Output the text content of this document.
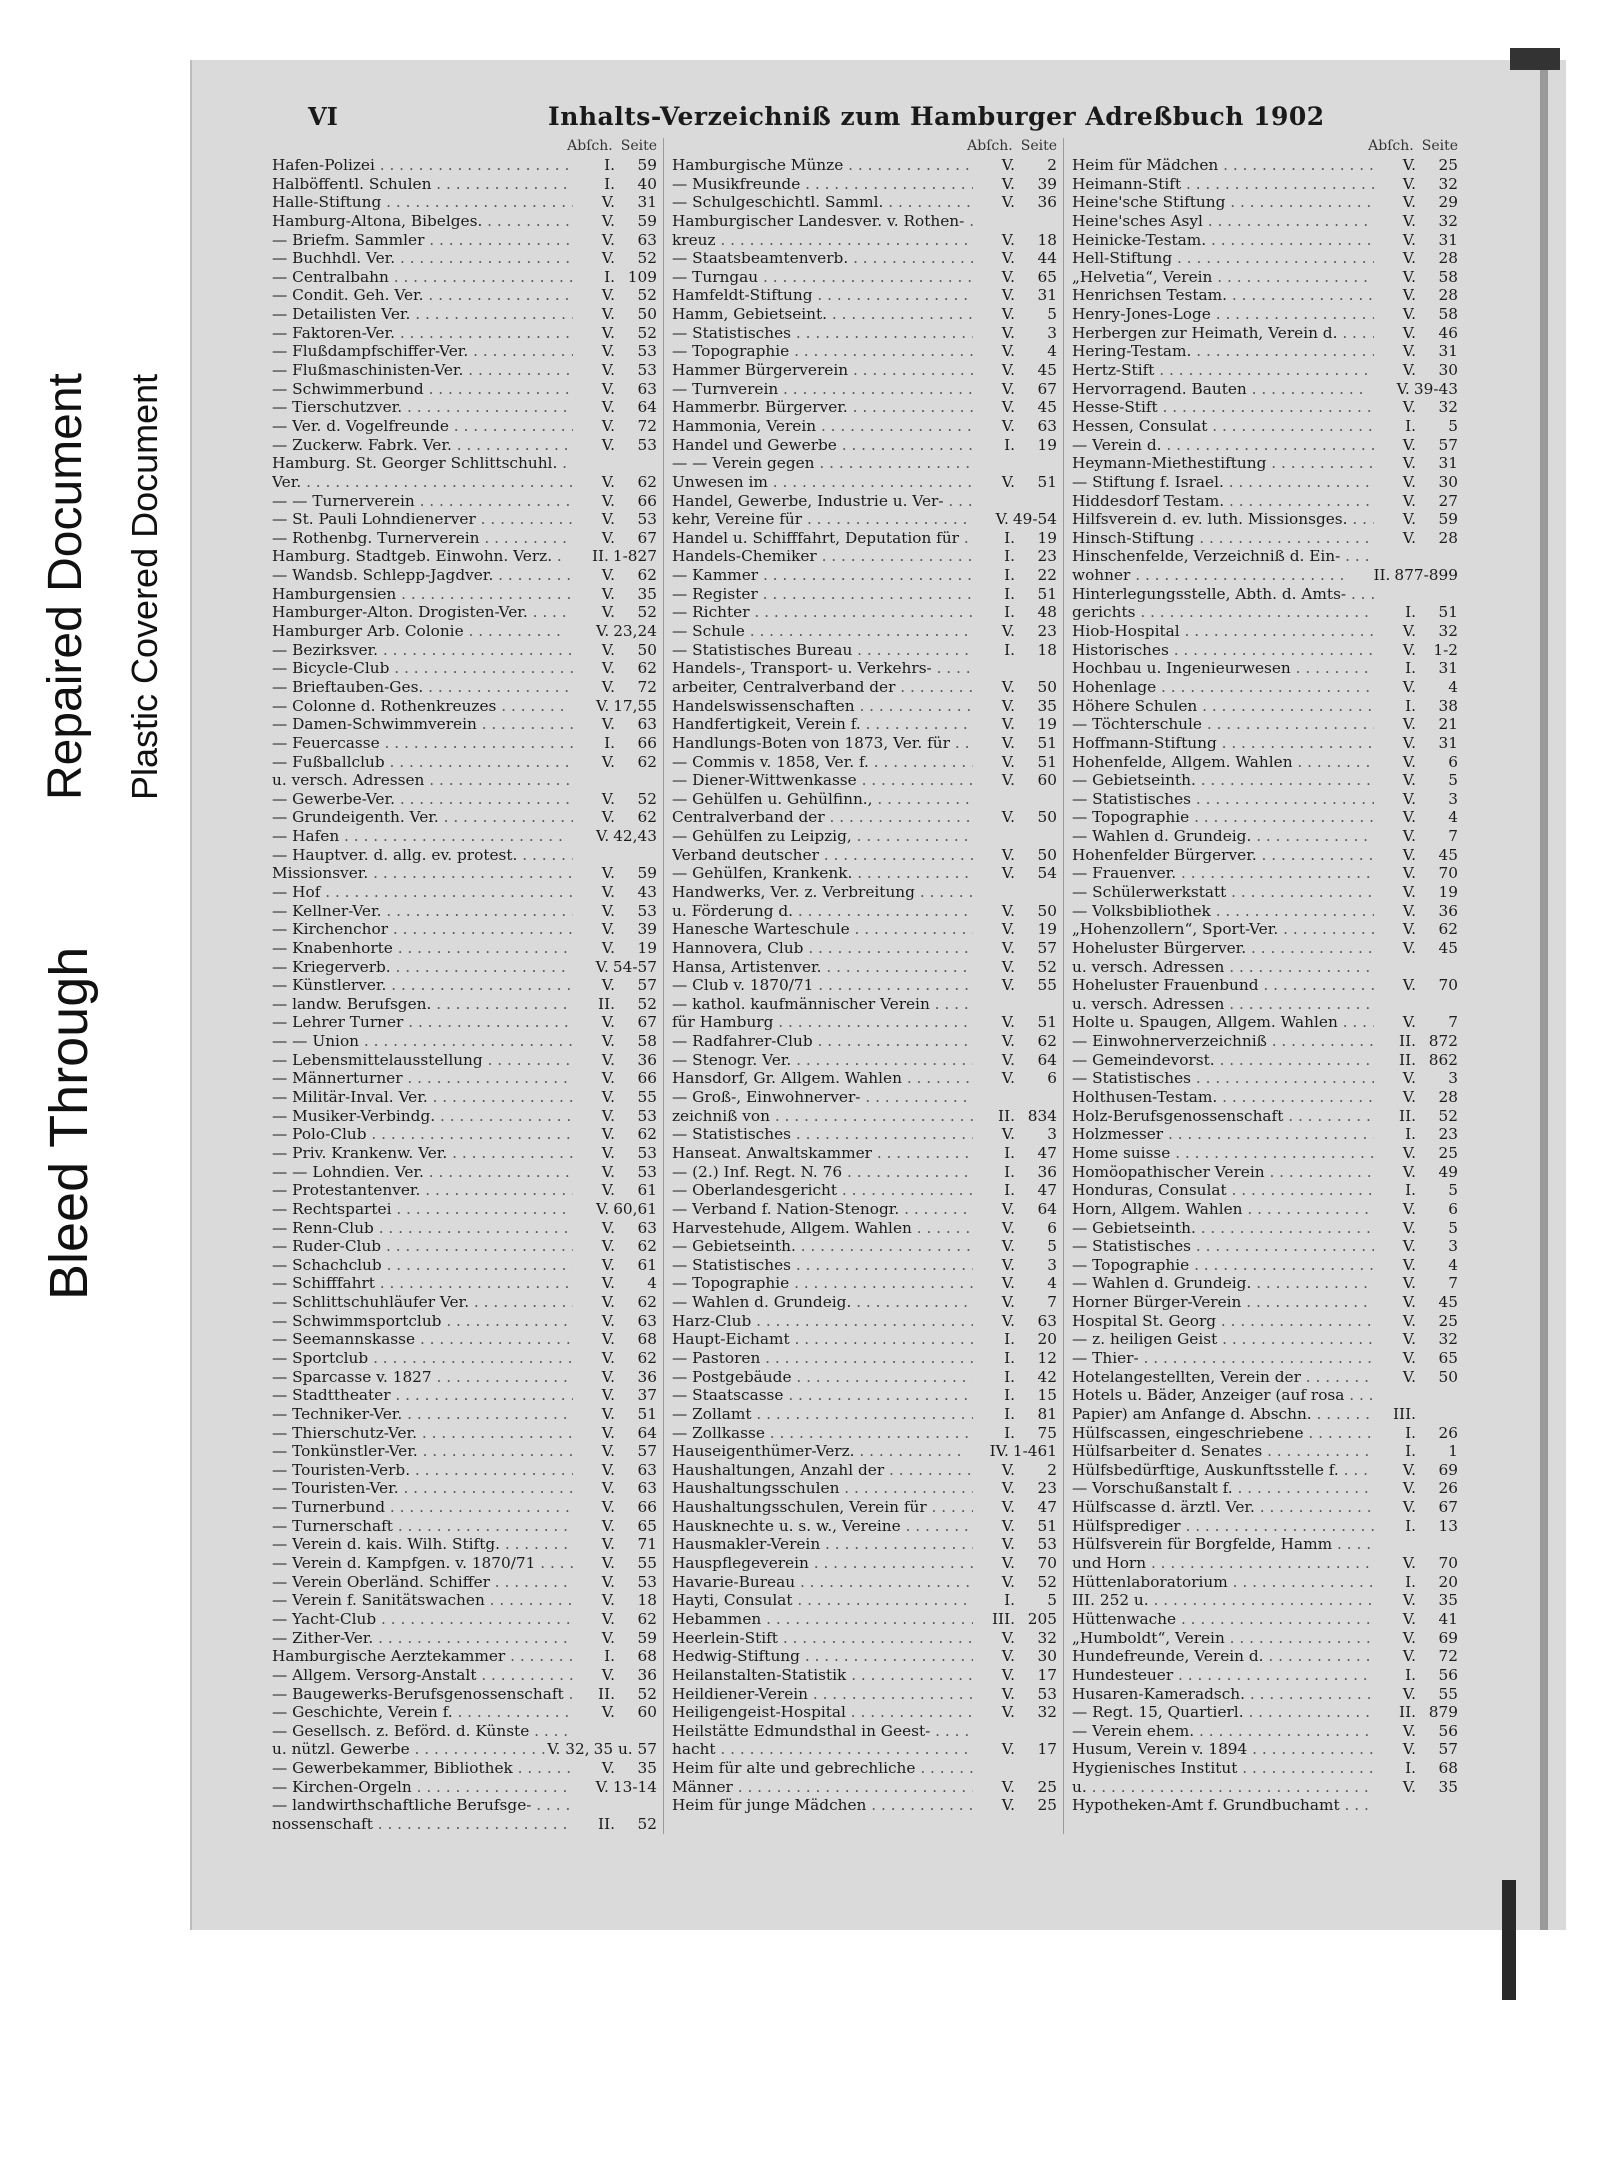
Bleed Through
Repaired Document Plastic Covered Document
VI	Inhalts-Verzeichniß zum Hamburger Adreßbuch 1902
Abſch. Seite
Hafen-Polizei . . .	I.	59
Halböffentl. Schulen . . .	I.	40
Halle-Stiftung . . .	V.	31
Hamburg-Altona, Bibelges. . . .	V.	59
— Briefm. Sammler . . .	V.	63
— Buchhdl. Ver. . . .	V.	52
— Centralbahn . . .	I. 109
— Condit. Geh. Ver. . . .	V.	52
— Detailisten Ver. . . .	V.	50
— Faktoren-Ver. . . .	V.	52
— Flußdampfschiffer-Ver. . . .	V.	53
— Flußmaschinisten-Ver. . . .	V.	53
— Schwimmerbund . . .	V.	63
— Tierschutzver. . . .	V.	64
— Ver. d. Vogelfreunde . . .	V.	72
— Zuckerw. Fabrk. Ver. . . .	V.	53
Hamburg. St. Georger Schlittschuhl. . . .
Ver. . . .	V.	62
— — Turnerverein . . .	V.	66
— St. Pauli Lohndienerver . . .	V.	53
— Rothenbg. Turnerverein . . .	V.	67
Hamburg. Stadtgeb. Einwohn. Verz. . . .	II. 1-827
— Wandsb. Schlepp-Jagdver. . . .	V.	62
Hamburgensien . . .	V.	35
Hamburger-Alton. Drogisten-Ver. . . .	V.	52
Hamburger Arb. Colonie . . .	V. 23,24
— Bezirksver. . . .	V.	50
— Bicycle-Club . . .	V.	62
— Brieftauben-Ges. . . .	V.	72
— Colonne d. Rothenkreuzes . . .	V. 17,55
— Damen-Schwimmverein . . .	V.	63
— Feuercasse . . .	I.	66
— Fußballclub . . .	V.	62
u. versch. Adressen . . .
— Gewerbe-Ver. . . .	V.	52
— Grundeigenth. Ver. . . .	V.	62
— Hafen . . .	V. 42,43
— Hauptver. d. allg. ev. protest. . . .
Missionsver. . . .	V.	59
— Hof . . .	V.	43
— Kellner-Ver. . . .	V.	53
— Kirchenchor . . .	V.	39
— Knabenhorte . . .	V.	19
— Kriegerverb. . . .	V. 54-57
— Künstlerver. . . .	V.	57
— landw. Berufsgen. . . .	II.	52
— Lehrer Turner . . .	V.	67
— — Union . . .	V.	58
— Lebensmittelausstellung . . .	V.	36
— Männerturner . . .	V.	66
— Militär-Inval. Ver. . . .	V.	55
— Musiker-Verbindg. . . .	V.	53
— Polo-Club . . .	V.	62
— Priv. Krankenw. Ver. . . .	V.	53
— — Lohndien. Ver. . . .	V.	53
— Protestantenver. . . .	V.	61
— Rechtspartei . . .	V. 60,61
— Renn-Club . . .	V.	63
— Ruder-Club . . .	V.	62
— Schachclub . . .	V.	61
— Schifffahrt . . .	V.	4
— Schlittschuhläufer Ver. . . .	V.	62
— Schwimmsportclub . . .	V.	63
— Seemannskasse . . .	V.	68
— Sportclub . . .	V.	62
— Sparcasse v. 1827 . . .	V.	36
— Stadttheater . . .	V.	37
— Techniker-Ver. . . .	V.	51
— Thierschutz-Ver. . . .	V.	64
— Tonkünstler-Ver. . . .	V.	57
— Touristen-Verb. . . .	V.	63
— Touristen-Ver. . . .	V.	63
— Turnerbund . . .	V.	66
— Turnerschaft . . .	V.	65
— Verein d. kais. Wilh. Stiftg. . . .	V.	71
— Verein d. Kampfgen. v. 1870/71 . . .	V.	55
— Verein Oberländ. Schiffer . . .	V.	53
— Verein f. Sanitätswachen . . .	V.	18
— Yacht-Club . . .	V.	62
— Zither-Ver. . . .	V.	59
Hamburgische Aerztekammer . . .	I.	68
— Allgem. Versorg-Anstalt . . .	V.	36
— Baugewerks-Berufsgenossenschaft . . .	II.	52
— Geschichte, Verein f. . . .	V.	60
— Gesellsch. z. Beförd. d. Künste . . .
u. nützl. Gewerbe . . .	V. 32, 35 u. 57
— Gewerbekammer, Bibliothek . . .	V.	35
— Kirchen-Orgeln . . .	V. 13-14
— landwirthschaftliche Berufsge- . . .
nossenschaft . . .	II.	52
Abſch. Seite
Hamburgische Münze . . .	V.	2
— Musikfreunde . . .	V.	39
— Schulgeschichtl. Samml. . . .	V.	36
Hamburgischer Landesver. v. Rothen- . . .
kreuz . . .	V.	18
— Staatsbeamtenverb. . . .	V.	44
— Turngau . . .	V.	65
Hamfeldt-Stiftung . . .	V.	31
Hamm, Gebietseint. . . .	V.	5
— Statistisches . . .	V.	3
— Topographie . . .	V.	4
Hammer Bürgerverein . . .	V.	45
— Turnverein . . .	V.	67
Hammerbr. Bürgerver. . . .	V.	45
Hammonia, Verein . . .	V.	63
Handel und Gewerbe . . .	I.	19
— — Verein gegen . . .
Unwesen im . . .	V.	51
Handel, Gewerbe, Industrie u. Ver- . . .
kehr, Vereine für . . .	V. 49-54
Handel u. Schifffahrt, Deputation für . . .	I.	19
Handels-Chemiker . . .	I.	23
— Kammer . . .	I.	22
— Register . . .	I.	51
— Richter . . .	I.	48
— Schule . . .	V.	23
— Statistisches Bureau . . .	I.	18
Handels-, Transport- u. Verkehrs- . . .
arbeiter, Centralverband der . . .	V.	50
Handelswissenschaften . . .	V.	35
Handfertigkeit, Verein f. . . .	V.	19
Handlungs-Boten von 1873, Ver. für . . .	V.	51
— Commis v. 1858, Ver. f. . . .	V.	51
— Diener-Wittwenkasse . . .	V.	60
— Gehülfen u. Gehülfinn., . . .
Centralverband der . . .	V.	50
— Gehülfen zu Leipzig, . . .
Verband deutscher . . .	V.	50
— Gehülfen, Krankenk. . . .	V.	54
Handwerks, Ver. z. Verbreitung . . .
u. Förderung d. . . .	V.	50
Hanesche Warteschule . . .	V.	19
Hannovera, Club . . .	V.	57
Hansa, Artistenver. . . .	V.	52
— Club v. 1870/71 . . .	V.	55
— kathol. kaufmännischer Verein . . .
für Hamburg . . .	V.	51
— Radfahrer-Club . . .	V.	62
— Stenogr. Ver. . . .	V.	64
Hansdorf, Gr. Allgem. Wahlen . . .	V.	6
— Groß-, Einwohnerver- . . .
zeichniß von . . .	II. 834
— Statistisches . . .	V.	3
Hanseat. Anwaltskammer . . .	I.	47
— (2.) Inf. Regt. N. 76 . . .	I.	36
— Oberlandesgericht . . .	I.	47
— Verband f. Nation-Stenogr. . . .	V.	64
Harvestehude, Allgem. Wahlen . . .	V.	6
— Gebietseinth. . . .	V.	5
— Statistisches . . .	V.	3
— Topographie . . .	V.	4
— Wahlen d. Grundeig. . . .	V.	7
Harz-Club . . .	V.	63
Haupt-Eichamt . . .	I.	20
— Pastoren . . .	I.	12
— Postgebäude . . .	I.	42
— Staatscasse . . .	I.	15
— Zollamt . . .	I.	81
— Zollkasse . . .	I.	75
Hauseigenthümer-Verz. . . .	IV. 1-461
Haushaltungen, Anzahl der . . .	V.	2
Haushaltungsschulen . . .	V.	23
Haushaltungsschulen, Verein für . . .	V.	47
Hausknechte u. s. w., Vereine . . .	V.	51
Hausmakler-Verein . . .	V.	53
Hauspflegeverein . . .	V.	70
Havarie-Bureau . . .	V.	52
Hayti, Consulat . . .	I.	5
Hebammen . . .	III. 205
Heerlein-Stift . . .	V.	32
Hedwig-Stiftung . . .	V.	30
Heilanstalten-Statistik . . .	V.	17
Heildiener-Verein . . .	V.	53
Heiligengeist-Hospital . . .	V.	32
Heilstätte Edmundsthal in Geest- . . .
hacht . . .	V.	17
Heim für alte und gebrechliche . . .
Männer . . .	V.	25
Heim für junge Mädchen . . .	V.	25
Abſch. Seite
Heim für Mädchen . . .	V.	25
Heimann-Stift . . .	V.	32
Heine'sche Stiftung . . .	V.	29
Heine'sches Asyl . . .	V.	32
Heinicke-Testam. . . .	V.	31
Hell-Stiftung . . .	V.	28
„Helvetia“, Verein . . .	V.	58
Henrichsen Testam. . . .	V.	28
Henry-Jones-Loge . . .	V.	58
Herbergen zur Heimath, Verein d. . . .	V.	46
Hering-Testam. . . .	V.	31
Hertz-Stift . . .	V.	30
Hervorragend. Bauten . . .	V. 39-43
Hesse-Stift . . .	V.	32
Hessen, Consulat . . .	I.	5
— Verein d. . . .	V.	57
Heymann-Miethestiftung . . .	V.	31
— Stiftung f. Israel. . . .	V.	30
Hiddesdorf Testam. . . .	V.	27
Hilfsverein d. ev. luth. Missionsges. . . .	V.	59
Hinsch-Stiftung . . .	V.	28
Hinschenfelde, Verzeichniß d. Ein- . . .
wohner . . .	II. 877-899
Hinterlegungsstelle, Abth. d. Amts- . . .
gerichts . . .	I.	51
Hiob-Hospital . . .	V.	32
Historisches . . .	V.	1-2
Hochbau u. Ingenieurwesen . . .	I.	31
Hohenlage . . .	V.	4
Höhere Schulen . . .	I.	38
— Töchterschule . . .	V.	21
Hoffmann-Stiftung . . .	V.	31
Hohenfelde, Allgem. Wahlen . . .	V.	6
— Gebietseinth. . . .	V.	5
— Statistisches . . .	V.	3
— Topographie . . .	V.	4
— Wahlen d. Grundeig. . . .	V.	7
Hohenfelder Bürgerver. . . .	V.	45
— Frauenver. . . .	V.	70
— Schülerwerkstatt . . .	V.	19
— Volksbibliothek . . .	V.	36
„Hohenzollern“, Sport-Ver. . . .	V.	62
Hoheluster Bürgerver. . . .	V.	45
u. versch. Adressen . . .
Hoheluster Frauenbund . . .	V.	70
u. versch. Adressen . . .
Holte u. Spaugen, Allgem. Wahlen . . .	V.	7
— Einwohnerverzeichniß . . .	II. 872
— Gemeindevorst. . . .	II. 862
— Statistisches . . .	V.	3
Holthusen-Testam. . . .	V.	28
Holz-Berufsgenossenschaft . . .	II.	52
Holzmesser . . .	I.	23
Home suisse . . .	V.	25
Homöopathischer Verein . . .	V.	49
Honduras, Consulat . . .	I.	5
Horn, Allgem. Wahlen . . .	V.	6
— Gebietseinth. . . .	V.	5
— Statistisches . . .	V.	3
— Topographie . . .	V.	4
— Wahlen d. Grundeig. . . .	V.	7
Horner Bürger-Verein . . .	V.	45
Hospital St. Georg . . .	V.	25
— z. heiligen Geist . . .	V.	32
— Thier- . . .	V.	65
Hotelangestellten, Verein der . . .	V.	50
Hotels u. Bäder, Anzeiger (auf rosa . . .
Papier) am Anfange d. Abschn. . . .	III.
Hülfscassen, eingeschriebene . . .	I.	26
Hülfsarbeiter d. Senates . . .	I.	1
Hülfsbedürftige, Auskunftsstelle f. . . .	V.	69
— Vorschußanstalt f. . . .	V.	26
Hülfscasse d. ärztl. Ver. . . .	V.	67
Hülfsprediger . . .	I.	13
Hülfsverein für Borgfelde, Hamm . . .
und Horn . . .	V.	70
Hüttenlaboratorium . . .	I.	20
III. 252 u. . . .	V.	35
Hüttenwache . . .	V.	41
„Humboldt“, Verein . . .	V.	69
Hundefreunde, Verein d. . . .	V.	72
Hundesteuer . . .	I.	56
Husaren-Kameradsch. . . .	V.	55
— Regt. 15, Quartierl. . . .	II. 879
— Verein ehem. . . .	V.	56
Husum, Verein v. 1894 . . .	V.	57
Hygienisches Institut . . .	I.	68
u. . . .	V.	35
Hypotheken-Amt f. Grundbuchamt . . .
